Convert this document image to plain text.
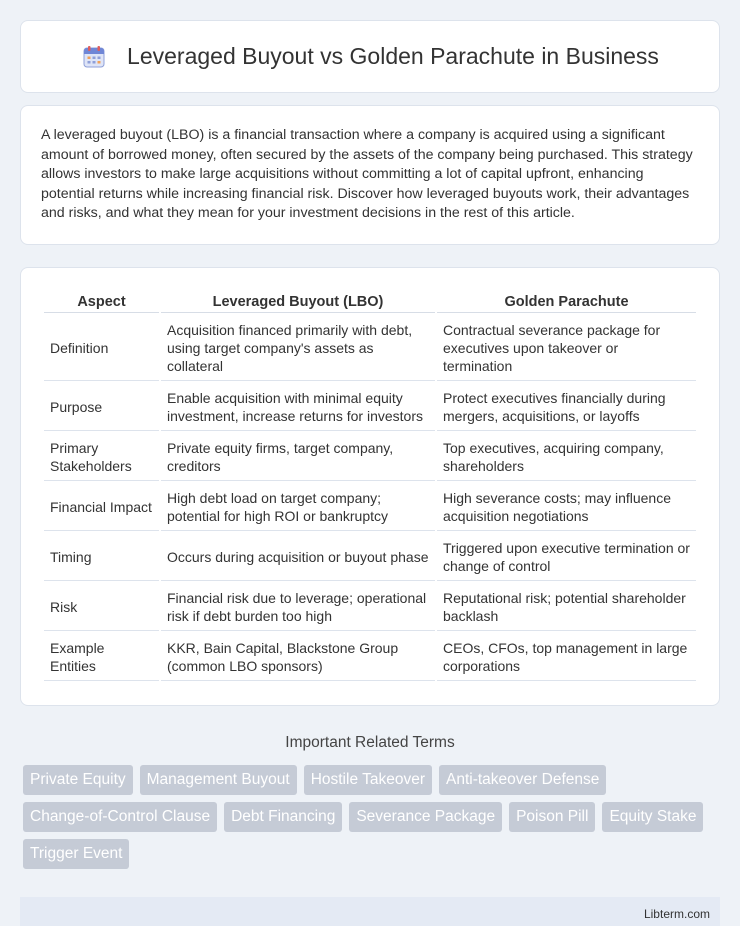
Leveraged Buyout vs Golden Parachute in Business

A leveraged buyout (LBO) is a financial transaction where a company is acquired using a significant amount of borrowed money, often secured by the assets of the company being purchased. This strategy allows investors to make large acquisitions without committing a lot of capital upfront, enhancing potential returns while increasing financial risk. Discover how leveraged buyouts work, their advantages and risks, and what they mean for your investment decisions in the rest of this article.

Aspect	Leveraged Buyout (LBO)	Golden Parachute
Definition	Acquisition financed primarily with debt, using target company's assets as collateral	Contractual severance package for executives upon takeover or termination
Purpose	Enable acquisition with minimal equity investment, increase returns for investors	Protect executives financially during mergers, acquisitions, or layoffs
Primary Stakeholders	Private equity firms, target company, creditors	Top executives, acquiring company, shareholders
Financial Impact	High debt load on target company; potential for high ROI or bankruptcy	High severance costs; may influence acquisition negotiations
Timing	Occurs during acquisition or buyout phase	Triggered upon executive termination or change of control
Risk	Financial risk due to leverage; operational risk if debt burden too high	Reputational risk; potential shareholder backlash
Example Entities	KKR, Bain Capital, Blackstone Group (common LBO sponsors)	CEOs, CFOs, top management in large corporations
Important Related Terms
Private Equity	Management Buyout	Hostile Takeover	Anti-takeover Defense
Change-of-Control Clause	Debt Financing	Severance Package	Poison Pill	Equity Stake
Trigger Event
Libterm.com
